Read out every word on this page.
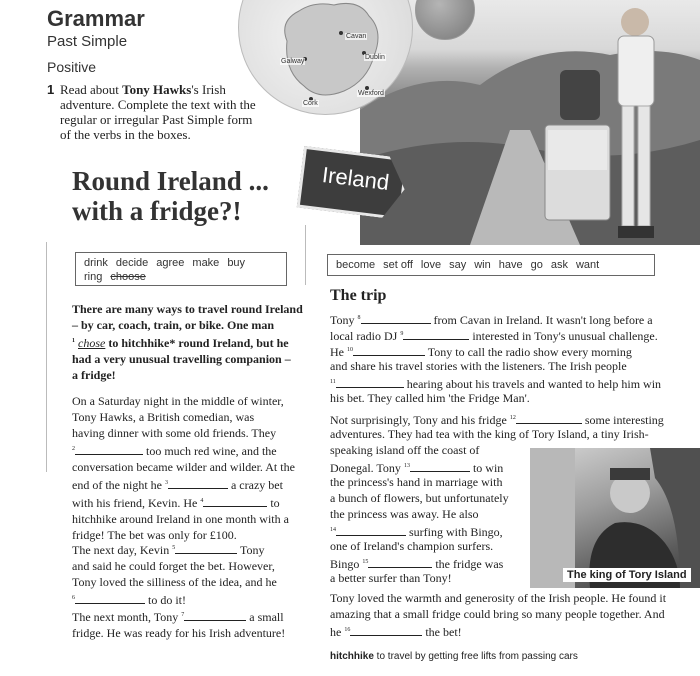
Grammar
Past Simple
Positive
1 Read about Tony Hawks's Irish adventure. Complete the text with the regular or irregular Past Simple form of the verbs in the boxes.
Cavan
Dublin
Galway
Wexford
Cork
Ireland
Round Ireland ...
with a fridge?!
drink decide agree make buy
ring choose
become set off love say win have go ask want
There are many ways to travel round Ireland
– by car, coach, train, or bike. One man
$^1$ chose to hitchhike* round Ireland, but he
had a very unusual travelling companion –
a fridge!
On a Saturday night in the middle of winter,
Tony Hawks, a British comedian, was
having dinner with some old friends. They
$^2$	too much red wine, and the
conversation became wilder and wilder. At the
end of the night he $^3$	a crazy bet
with his friend, Kevin. He $^4$	to
hitchhike around Ireland in one month with a
fridge! The bet was only for £100.
The next day, Kevin $^5$	Tony
and said he could forget the bet. However,
Tony loved the silliness of the idea, and he
$^6$	to do it!
The next month, Tony $^7$	a small
fridge. He was ready for his Irish adventure!
The trip
Tony $^8$	from Cavan in Ireland. It wasn't long before a
local radio DJ $^9$	interested in Tony's unusual challenge.
He $^{10}$	Tony to call the radio show every morning
and share his travel stories with the listeners. The Irish people
$^{11}$	hearing about his travels and wanted to help him win
his bet. They called him 'the Fridge Man'.
Not surprisingly, Tony and his fridge $^{12}$	some interesting
adventures. They had tea with the king of Tory Island, a tiny Irish-
speaking island off the coast of
Donegal. Tony $^{13}$	to win
the princess's hand in marriage with
a bunch of flowers, but unfortunately
the princess was away. He also
$^{14}$	surfing with Bingo,
one of Ireland's champion surfers.
Bingo $^{15}$	the fridge was
a better surfer than Tony!
Tony loved the warmth and generosity of the Irish people. He found it
amazing that a small fridge could bring so many people together. And
he $^{16}$	the bet!
The king of Tory Island
hitchhike to travel by getting free lifts from passing cars
